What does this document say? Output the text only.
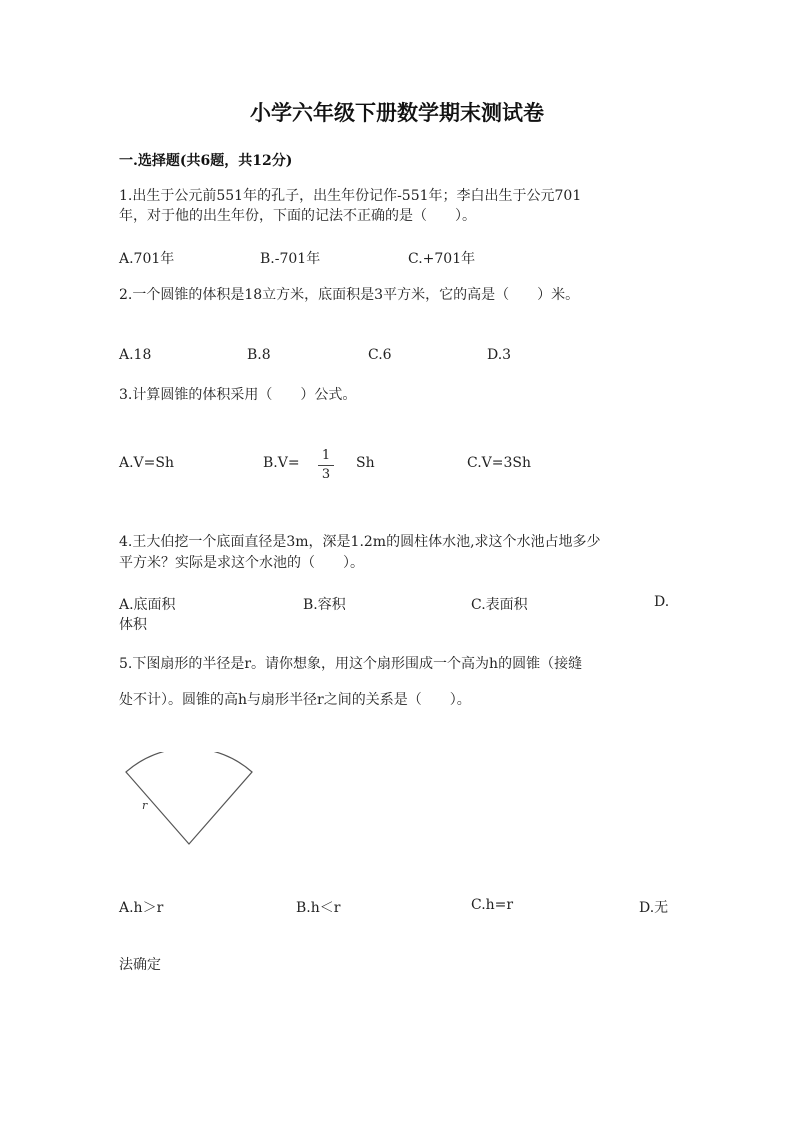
小学六年级下册数学期末测试卷
一.选择题(共6题，共12分)
1.出生于公元前551年的孔子，出生年份记作-551年；李白出生于公元701
年，对于他的出生年份，下面的记法不正确的是（　　）。
A.701年	B.-701年	C.+701年
2.一个圆锥的体积是18立方米，底面积是3平方米，它的高是（　　）米。
A.18	B.8	C.6	D.3
3.计算圆锥的体积采用（　　）公式。
A.V=Sh	B.V= 1
3
Sh	C.V=3Sh
4.王大伯挖一个底面直径是3m，深是1.2m的圆柱体水池,求这个水池占地多少
平方米？实际是求这个水池的（　　）。
A.底面积	B.容积	C.表面积	D.
体积
5.下图扇形的半径是r。请你想象，用这个扇形围成一个高为h的圆锥（接缝
处不计）。圆锥的高h与扇形半径r之间的关系是（　　）。
r
A.h＞r	B.h＜r	C.h=r	D.无
法确定
